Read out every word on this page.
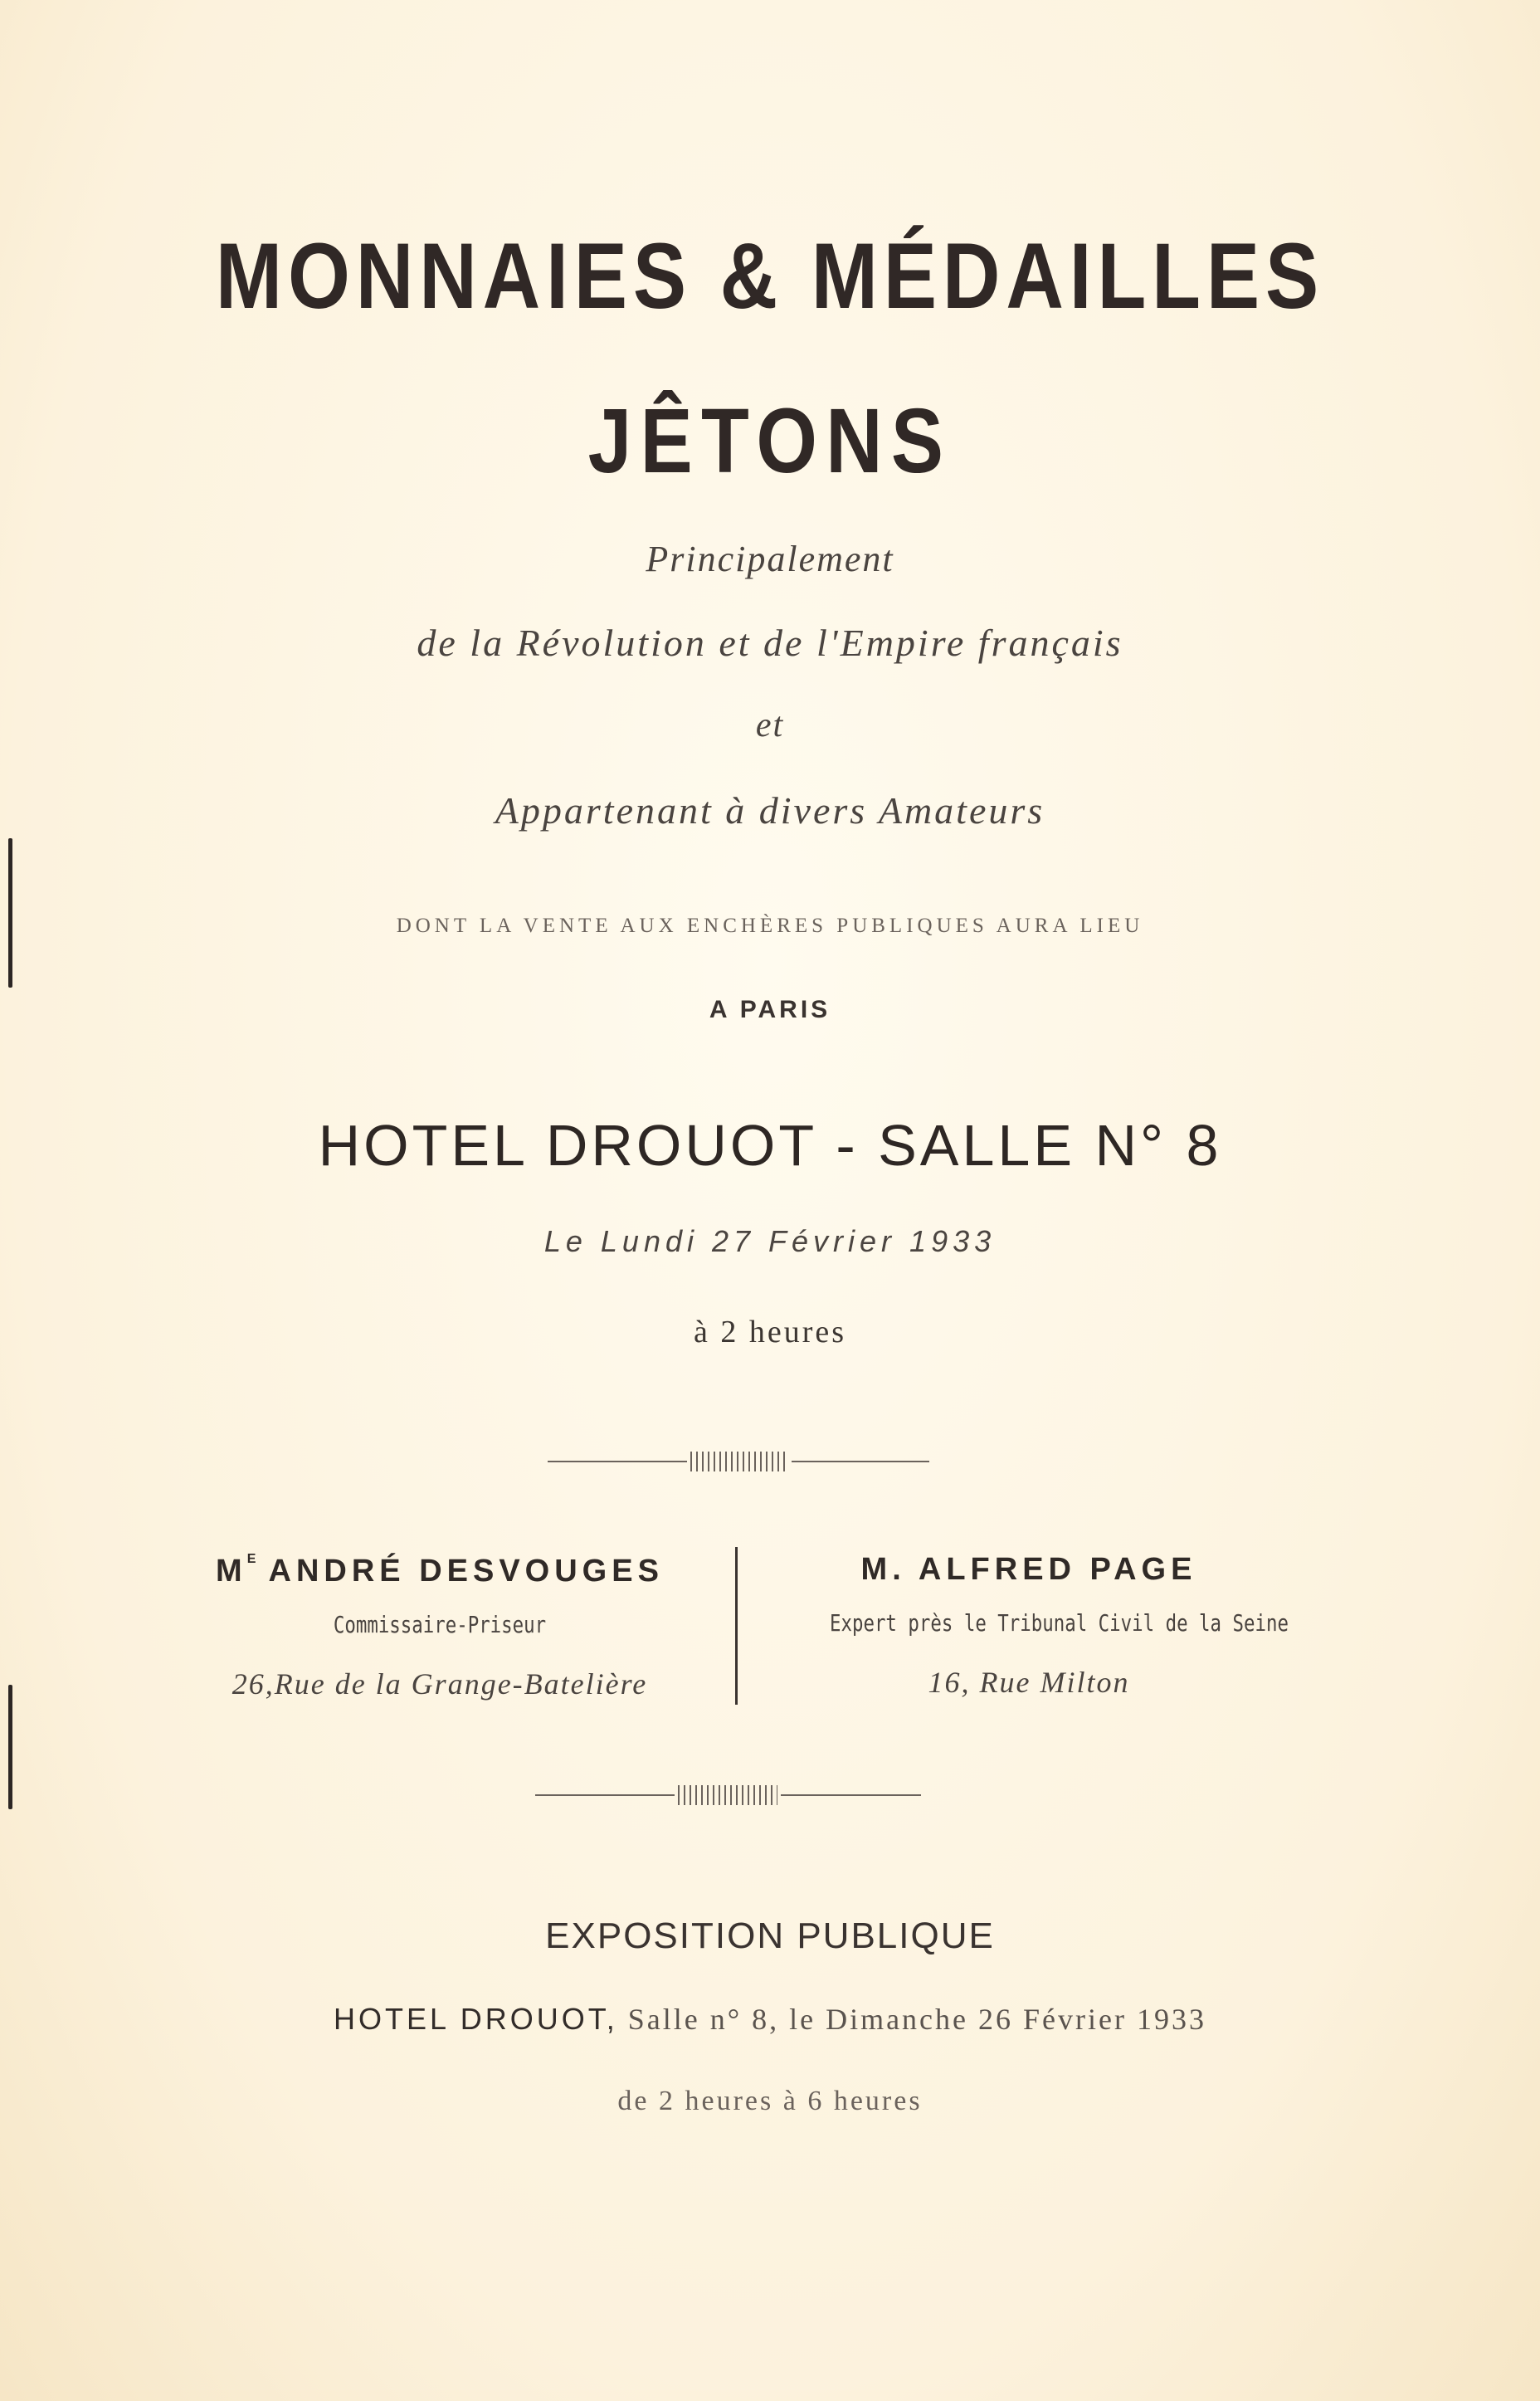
MONNAIES & MÉDAILLES
JÊTONS
Principalement
de la Révolution et de l'Empire français
et
Appartenant à divers Amateurs
DONT LA VENTE AUX ENCHÈRES PUBLIQUES AURA LIEU
A PARIS
HOTEL DROUOT - SALLE N° 8
Le Lundi 27 Février 1933
à 2 heures
$M^E$ ANDRÉ DESVOUGES
Commissaire-Priseur
26,Rue de la Grange-Batelière
M. ALFRED PAGE
Expert près le Tribunal Civil de la Seine
16, Rue Milton
EXPOSITION PUBLIQUE
HOTEL DROUOT, Salle n° 8, le Dimanche 26 Février 1933
de 2 heures à 6 heures
